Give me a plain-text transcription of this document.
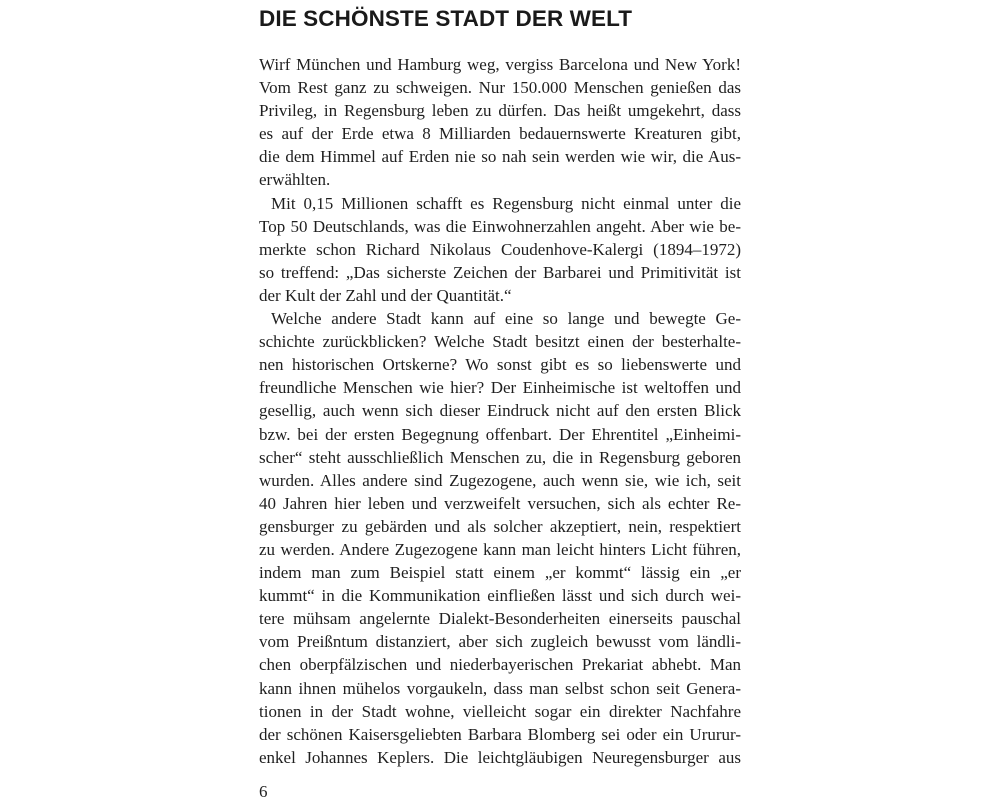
DIE SCHÖNSTE STADT DER WELT
Wirf München und Hamburg weg, vergiss Barcelona und New York!
Vom Rest ganz zu schweigen. Nur 150.000 Menschen genießen das
Privileg, in Regensburg leben zu dürfen. Das heißt umgekehrt, dass
es auf der Erde etwa 8 Milliarden bedauernswerte Kreaturen gibt,
die dem Himmel auf Erden nie so nah sein werden wie wir, die Aus-
erwählten.
Mit 0,15 Millionen schafft es Regensburg nicht einmal unter die
Top 50 Deutschlands, was die Einwohnerzahlen angeht. Aber wie be-
merkte schon Richard Nikolaus Coudenhove-Kalergi (1894–1972)
so treffend: „Das sicherste Zeichen der Barbarei und Primitivität ist
der Kult der Zahl und der Quantität.“
Welche andere Stadt kann auf eine so lange und bewegte Ge-
schichte zurückblicken? Welche Stadt besitzt einen der besterhalte-
nen historischen Ortskerne? Wo sonst gibt es so liebenswerte und
freundliche Menschen wie hier? Der Einheimische ist weltoffen und
gesellig, auch wenn sich dieser Eindruck nicht auf den ersten Blick
bzw. bei der ersten Begegnung offenbart. Der Ehrentitel „Einheimi-
scher“ steht ausschließlich Menschen zu, die in Regensburg geboren
wurden. Alles andere sind Zugezogene, auch wenn sie, wie ich, seit
40 Jahren hier leben und verzweifelt versuchen, sich als echter Re-
gensburger zu gebärden und als solcher akzeptiert, nein, respektiert
zu werden. Andere Zugezogene kann man leicht hinters Licht führen,
indem man zum Beispiel statt einem „er kommt“ lässig ein „er
kummt“ in die Kommunikation einfließen lässt und sich durch wei-
tere mühsam angelernte Dialekt-Besonderheiten einerseits pauschal
vom Preißntum distanziert, aber sich zugleich bewusst vom ländli-
chen oberpfälzischen und niederbayerischen Prekariat abhebt. Man
kann ihnen mühelos vorgaukeln, dass man selbst schon seit Genera-
tionen in der Stadt wohne, vielleicht sogar ein direkter Nachfahre
der schönen Kaisersgeliebten Barbara Blomberg sei oder ein Ururur-
enkel Johannes Keplers. Die leichtgläubigen Neuregensburger aus
6
